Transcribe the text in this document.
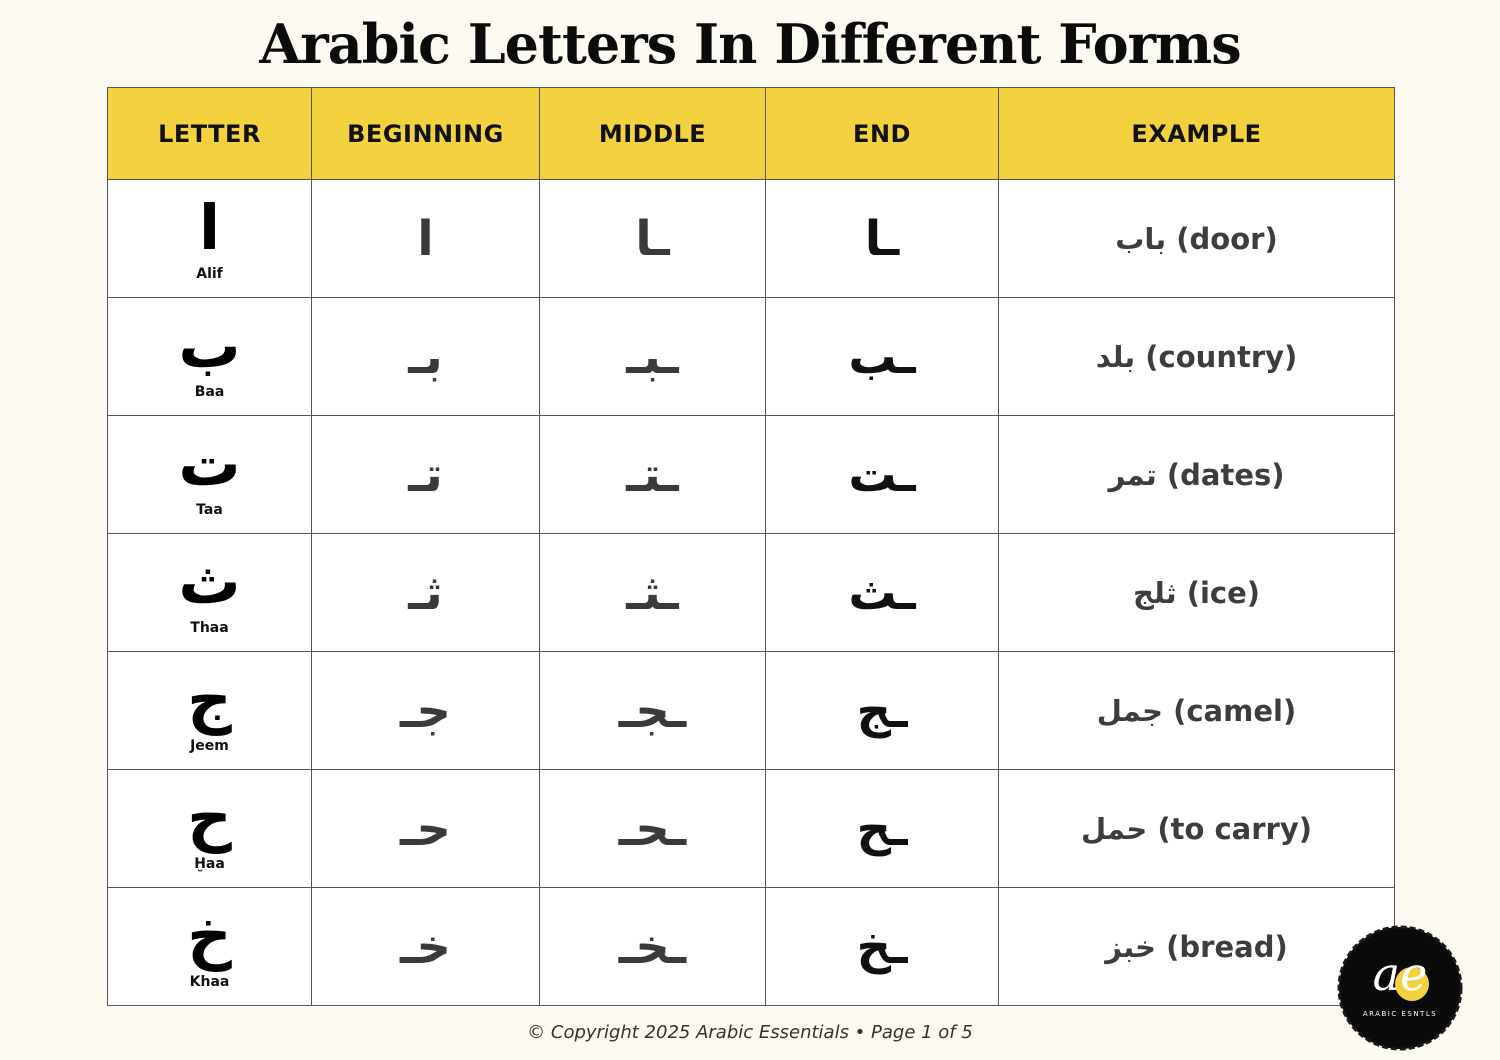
Arabic Letters In Different Forms
LETTER	BEGINNING	MIDDLE	END	EXAMPLE

ا
Alif	ا	ـا	ـا	باب (door)

ب
Baa	بـ	ـبـ	ـب	بلد (country)

ت
Taa	تـ	ـتـ	ـت	تمر (dates)

ث
Thaa	ثـ	ـثـ	ـث	ثلج (ice)

ج
Jeem	جـ	ـجـ	ـج	جمل (camel)

ح
Ḫaa	حـ	ـحـ	ـح	حمل (to carry)

خ
Khaa	خـ	ـخـ	ـخ	خبز (bread)
© Copyright 2025 Arabic Essentials • Page 1 of 5
ae
ARABIC ESNTLS
